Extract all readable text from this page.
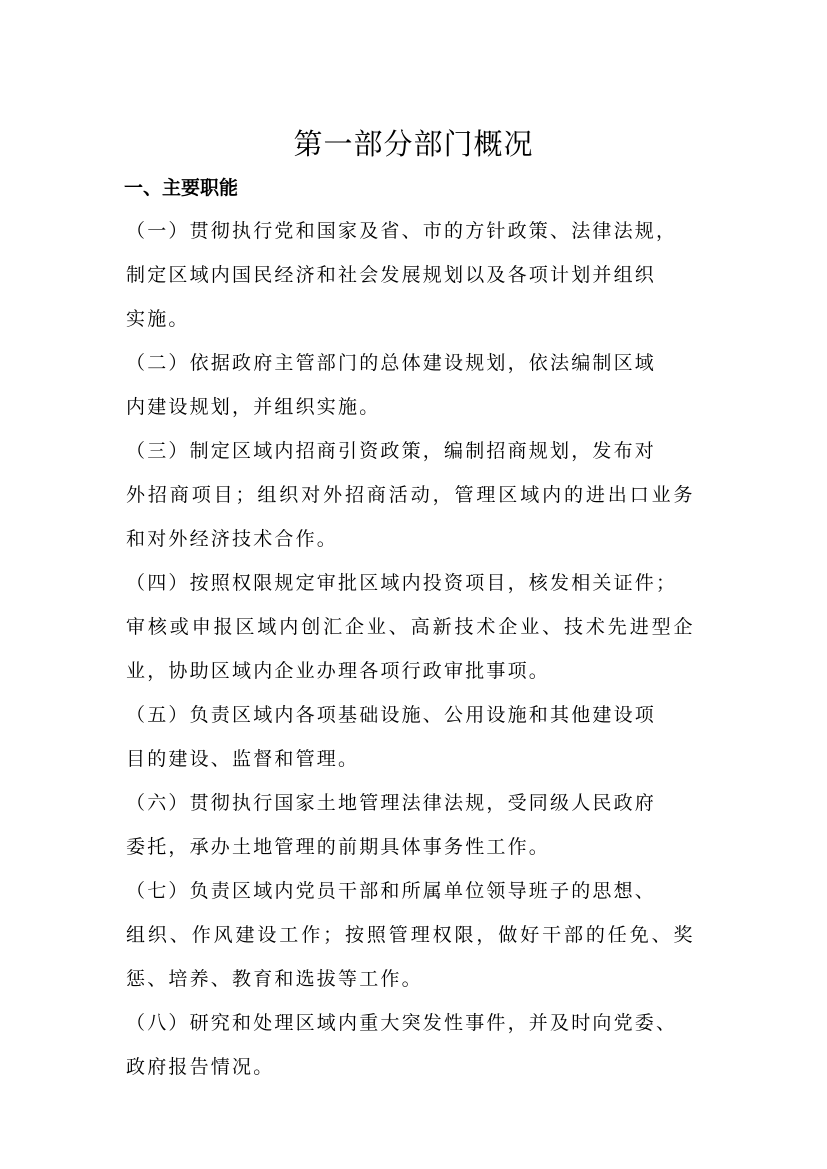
第一部分部门概况
一、主要职能
（一）贯彻执行党和国家及省、市的方针政策、法律法规，
制定区域内国民经济和社会发展规划以及各项计划并组织
实施。
（二）依据政府主管部门的总体建设规划，依法编制区域
内建设规划，并组织实施。
（三）制定区域内招商引资政策，编制招商规划，发布对
外招商项目；组织对外招商活动，管理区域内的进出口业务
和对外经济技术合作。
（四）按照权限规定审批区域内投资项目，核发相关证件；
审核或申报区域内创汇企业、高新技术企业、技术先进型企
业，协助区域内企业办理各项行政审批事项。
（五）负责区域内各项基础设施、公用设施和其他建设项
目的建设、监督和管理。
（六）贯彻执行国家土地管理法律法规，受同级人民政府
委托，承办土地管理的前期具体事务性工作。
（七）负责区域内党员干部和所属单位领导班子的思想、
组织、作风建设工作；按照管理权限，做好干部的任免、奖
惩、培养、教育和选拔等工作。
（八）研究和处理区域内重大突发性事件，并及时向党委、
政府报告情况。
